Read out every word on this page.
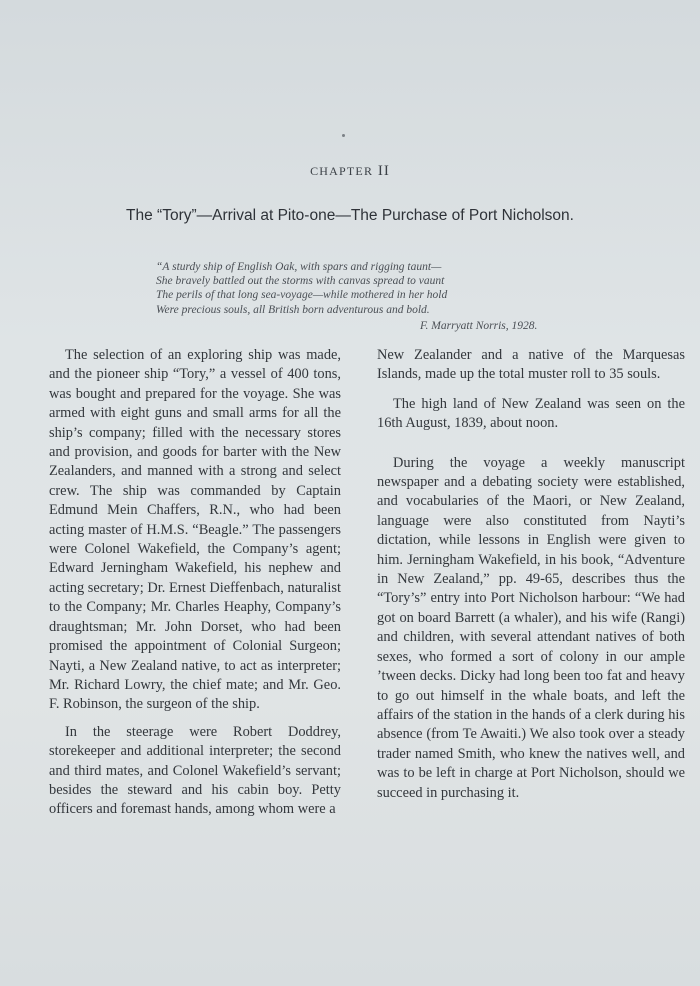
CHAPTER II
The “Tory”—Arrival at Pito-one—The Purchase of Port Nicholson.
“A sturdy ship of English Oak, with spars and rigging taunt—
She bravely battled out the storms with canvas spread to vaunt
The perils of that long sea-voyage—while mothered in her hold
Were precious souls, all British born adventurous and bold.
F. Marryatt Norris, 1928.

The selection of an exploring ship was made, and the pioneer ship “Tory,” a vessel of 400 tons, was bought and prepared for the voyage. She was armed with eight guns and small arms for all the ship’s company; filled with the necessary stores and provision, and goods for barter with the New Zealanders, and manned with a strong and select crew. The ship was commanded by Captain Edmund Mein Chaffers, R.N., who had been acting master of H.M.S. “Beagle.” The passengers were Colonel Wakefield, the Company’s agent; Edward Jerningham Wakefield, his nephew and acting secretary; Dr. Ernest Dieffenbach, naturalist to the Company; Mr. Charles Heaphy, Company’s draughtsman; Mr. John Dorset, who had been promised the appointment of Colonial Surgeon; Nayti, a New Zealand native, to act as interpreter; Mr. Richard Lowry, the chief mate; and Mr. Geo. F. Robinson, the surgeon of the ship.

In the steerage were Robert Doddrey, storekeeper and additional interpreter; the second and third mates, and Colonel Wakefield’s servant; besides the steward and his cabin boy. Petty officers and foremast hands, among whom were a

New Zealander and a native of the Marquesas Islands, made up the total muster roll to 35 souls.

The high land of New Zealand was seen on the 16th August, 1839, about noon.

During the voyage a weekly manuscript newspaper and a debating society were established, and vocabularies of the Maori, or New Zealand, language were also constituted from Nayti’s dictation, while lessons in English were given to him. Jerningham Wakefield, in his book, “Adventure in New Zealand,” pp. 49-65, describes thus the “Tory’s” entry into Port Nicholson harbour: “We had got on board Barrett (a whaler), and his wife (Rangi) and children, with several attendant natives of both sexes, who formed a sort of colony in our ample ’tween decks. Dicky had long been too fat and heavy to go out himself in the whale boats, and left the affairs of the station in the hands of a clerk during his absence (from Te Awaiti.) We also took over a steady trader named Smith, who knew the natives well, and was to be left in charge at Port Nicholson, should we succeed in purchasing it.
